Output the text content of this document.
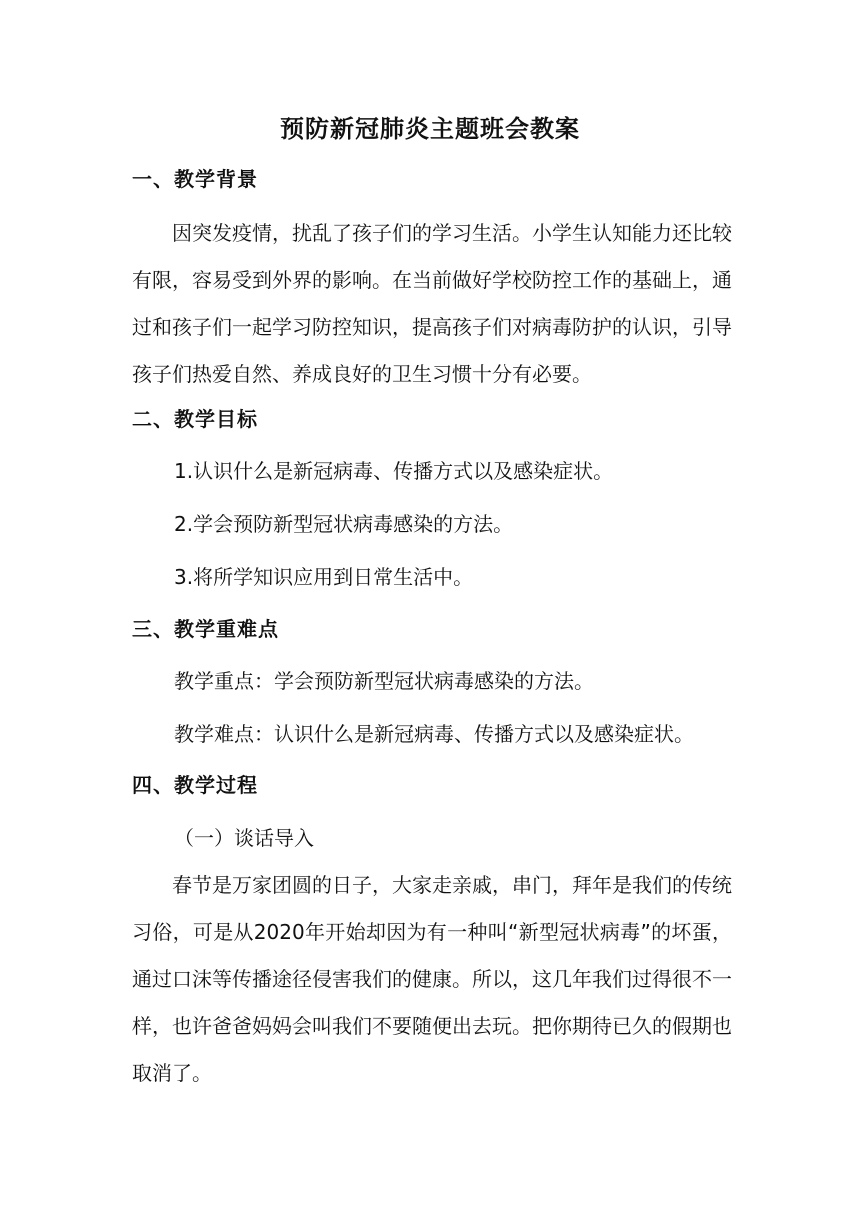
预防新冠肺炎主题班会教案
一、教学背景

因突发疫情，扰乱了孩子们的学习生活。小学生认知能力还比较有限，容易受到外界的影响。在当前做好学校防控工作的基础上，通过和孩子们一起学习防控知识，提高孩子们对病毒防护的认识，引导孩子们热爱自然、养成良好的卫生习惯十分有必要。

二、教学目标

1.认识什么是新冠病毒、传播方式以及感染症状。

2.学会预防新型冠状病毒感染的方法。

3.将所学知识应用到日常生活中。

三、教学重难点

教学重点：学会预防新型冠状病毒感染的方法。

教学难点：认识什么是新冠病毒、传播方式以及感染症状。

四、教学过程

（一）谈话导入

春节是万家团圆的日子，大家走亲戚，串门，拜年是我们的传统习俗，可是从2020年开始却因为有一种叫“新型冠状病毒”的坏蛋，通过口沫等传播途径侵害我们的健康。所以，这几年我们过得很不一样，也许爸爸妈妈会叫我们不要随便出去玩。把你期待已久的假期也取消了。
